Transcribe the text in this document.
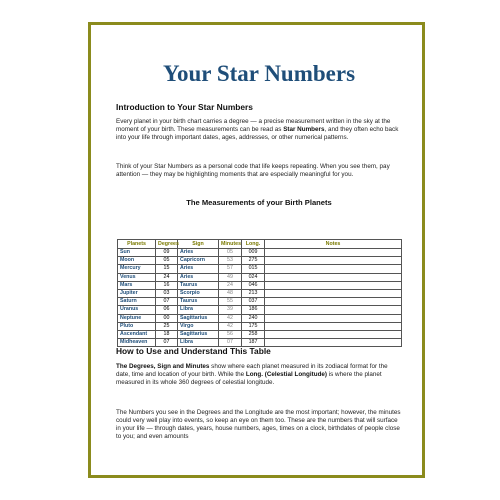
Your Star Numbers
Introduction to Your Star Numbers
Every planet in your birth chart carries a degree — a precise measurement written in the sky at the moment of your birth. These measurements can be read as Star Numbers, and they often echo back into your life through important dates, ages, addresses, or other numerical patterns.
Think of your Star Numbers as a personal code that life keeps repeating. When you see them, pay attention — they may be highlighting moments that are especially meaningful for you.
The Measurements of your Birth Planets
Planets	Degrees	Sign	Minutes	Long.	Notes
Sun	09	Aries	05	009	
Moon	05	Capricorn	53	275	
Mercury	15	Aries	57	015	
Venus	24	Aries	49	024	
Mars	16	Taurus	24	046	
Jupiter	03	Scorpio	48	213	
Saturn	07	Taurus	55	037	
Uranus	06	Libra	39	186	
Neptune	00	Sagittarius	42	240	
Pluto	25	Virgo	42	175	
Ascendant	18	Sagittarius	56	258	
Midheaven	07	Libra	07	187	
How to Use and Understand This Table
The Degrees, Sign and Minutes show where each planet measured in its zodiacal format for the date, time and location of your birth. While the Long. (Celestial Longitude) is where the planet measured in its whole 360 degrees of celestial longitude.
The Numbers you see in the Degrees and the Longitude are the most important; however, the minutes could very well play into events, so keep an eye on them too. These are the numbers that will surface in your life — through dates, years, house numbers, ages, times on a clock, birthdates of people close to you; and even amounts
